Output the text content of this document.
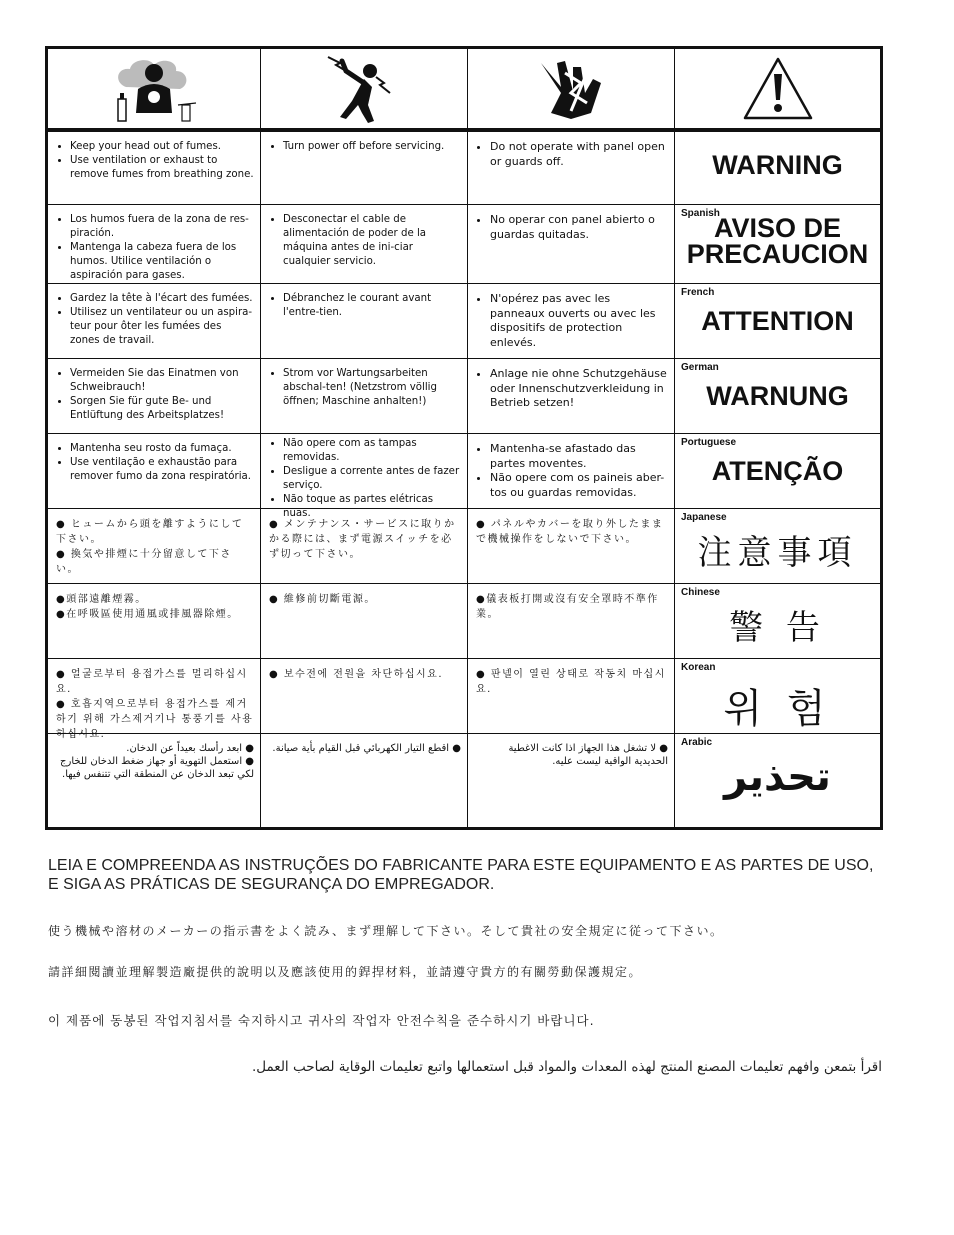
• Keep your head out of fumes.
• Use ventilation or exhaust to remove fumes from breathing zone.
• Turn power off before servicing.
•	Do not operate with panel open or guards off.	WARNING
• Los humos fuera de la zona de res-piración.
• Mantenga la cabeza fuera de los humos. Utilice ventilación o aspiración para gases.
• Desconectar el cable de alimentación de poder de la máquina antes de ini-ciar cualquier servicio.
• No operar con panel abierto o guardas quitadas.
Spanish
AVISO DE PRECAUCION
• Gardez la tête à l'écart des fumées.
• Utilisez un ventilateur ou un aspira-teur pour ôter les fumées des zones de travail.
• Débranchez le courant avant l'entre-tien.
• N'opérez pas avec les panneaux ouverts ou avec les dispositifs de protection enlevés.
French
ATTENTION
• Vermeiden Sie das Einatmen von Schweibrauch!
• Sorgen Sie für gute Be- und Entlüftung des Arbeitsplatzes!
• Strom vor Wartungsarbeiten abschal-ten! (Netzstrom völlig öffnen; Maschine anhalten!)
• Anlage nie ohne Schutzgehäuse oder Innenschutzverkleidung in Betrieb setzen!
German
WARNUNG
• Mantenha seu rosto da fumaça.
• Use ventilação e exhaustão para remover fumo da zona respiratória.
• Não opere com as tampas removidas.
• Desligue a corrente antes de fazer serviço.
• Não toque as partes elétricas nuas.
• Mantenha-se afastado das partes moventes.
• Não opere com os paineis aber-tos ou guardas removidas.
Portuguese
ATENÇÃO
● ヒュームから頭を離すようにして下さい。
● 換気や排煙に十分留意して下さい。
● メンテナンス・サービスに取りかかる際には、まず電源スイッチを必ず切って下さい。
● パネルやカバーを取り外したままで機械操作をしないで下さい。
Japanese
注意事項
●頭部遠離煙霧。
●在呼吸區使用通風或排風器除煙。
● 維修前切斷電源。	●儀表板打開或沒有安全罩時不準作業。
Chinese
警 告
● 얼굴로부터 용접가스를 멀리하십시요.
● 호흡지역으로부터 용접가스를 제거하기 위해 가스제거기나 통풍기를 사용하십시요.
● 보수전에 전원을 차단하십시요.	● 판넬이 열린 상태로 작동치 마십시요.
Korean
위 험
● ابعد رأسك بعيداً عن الدخان.
● استعمل التهوية أو جهاز ضغط الدخان للخارج لكي تبعد الدخان عن المنطقة التي تتنفس فيها.
● اقطع التيار الكهربائي قبل القيام بأية صيانة.	● لا تشغل هذا الجهاز اذا كانت الاغطية الحديدية الواقية ليست عليه.
Arabic
تحذير
LEIA E COMPREENDA AS INSTRUÇÕES DO FABRICANTE PARA ESTE EQUIPAMENTO E AS PARTES DE USO, E SIGA AS PRÁTICAS DE SEGURANÇA DO EMPREGADOR.
使う機械や溶材のメーカーの指示書をよく読み、まず理解して下さい。そして貴社の安全規定に従って下さい。
請詳細閱讀並理解製造廠提供的說明以及應該使用的銲捍材料，並請遵守貴方的有關勞動保護規定。
이 제품에 동봉된 작업지침서를 숙지하시고 귀사의 작업자 안전수칙을 준수하시기 바랍니다.
اقرأ بتمعن وافهم تعليمات المصنع المنتج لهذه المعدات والمواد قبل استعمالها واتبع تعليمات الوقاية لصاحب العمل.
